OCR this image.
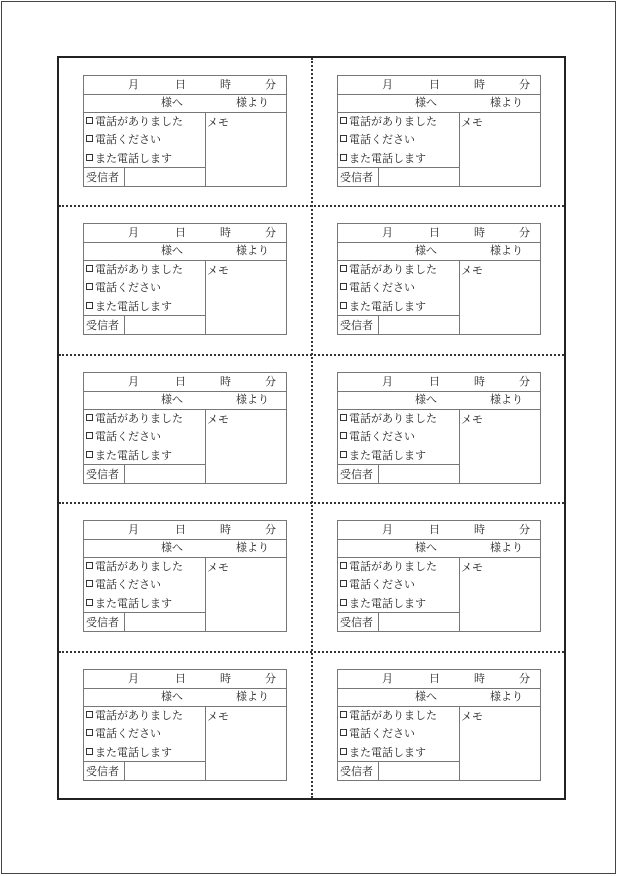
月	日	時	分
様へ	様より
電話がありました
電話ください
また電話します
受信者
メモ
月	日	時	分
様へ	様より
電話がありました
電話ください
また電話します
受信者
メモ
月	日	時	分
様へ	様より
電話がありました
電話ください
また電話します
受信者
メモ
月	日	時	分
様へ	様より
電話がありました
電話ください
また電話します
受信者
メモ
月	日	時	分
様へ	様より
電話がありました
電話ください
また電話します
受信者
メモ
月	日	時	分
様へ	様より
電話がありました
電話ください
また電話します
受信者
メモ
月	日	時	分
様へ	様より
電話がありました
電話ください
また電話します
受信者
メモ
月	日	時	分
様へ	様より
電話がありました
電話ください
また電話します
受信者
メモ
月	日	時	分
様へ	様より
電話がありました
電話ください
また電話します
受信者
メモ
月	日	時	分
様へ	様より
電話がありました
電話ください
また電話します
受信者
メモ
